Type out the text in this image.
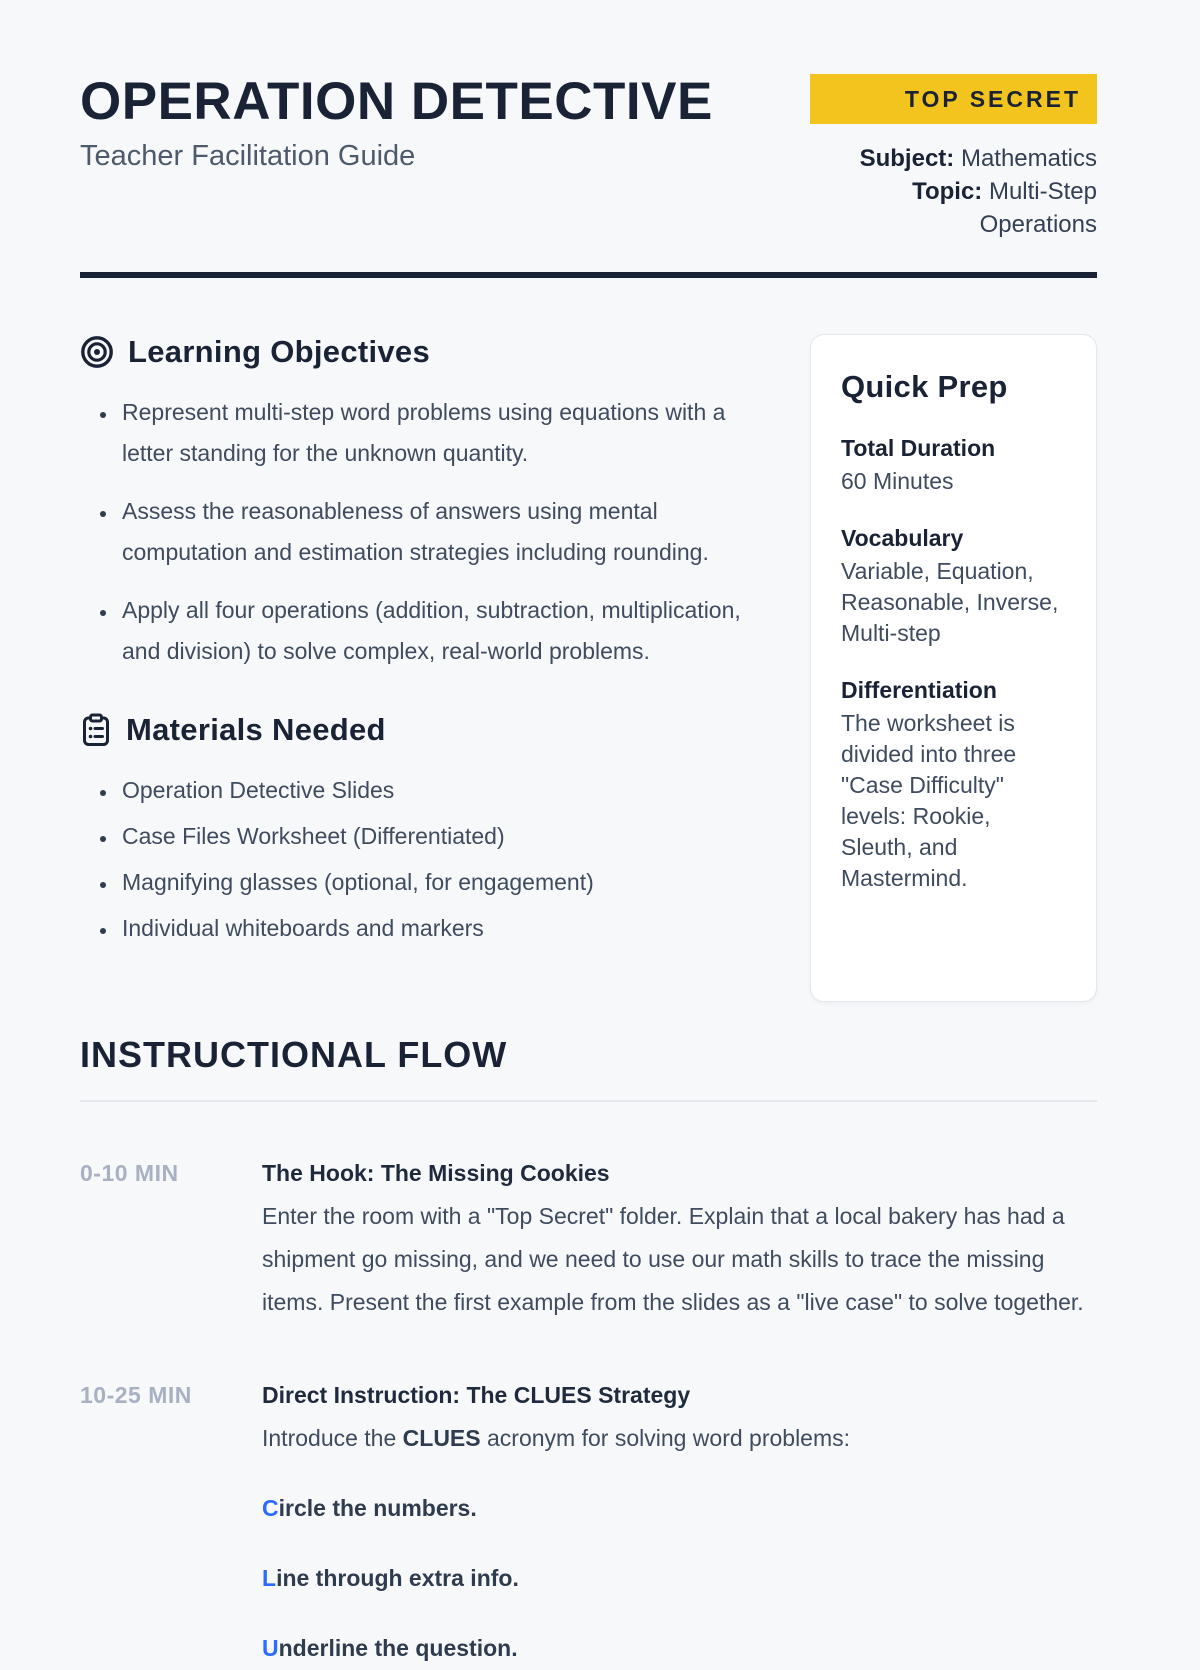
OPERATION DETECTIVE
Teacher Facilitation Guide
TOP SECRET
Subject: Mathematics
Topic: Multi-Step Operations
Learning Objectives
• Represent multi-step word problems using equations with a letter standing for the unknown quantity.
• Assess the reasonableness of answers using mental computation and estimation strategies including rounding.
• Apply all four operations (addition, subtraction, multiplication, and division) to solve complex, real-world problems.
Materials Needed
• Operation Detective Slides
• Case Files Worksheet (Differentiated)
• Magnifying glasses (optional, for engagement)
• Individual whiteboards and markers
Quick Prep
Total Duration
60 Minutes
Vocabulary
Variable, Equation, Reasonable, Inverse, Multi-step
Differentiation
The worksheet is divided into three "Case Difficulty" levels: Rookie, Sleuth, and Mastermind.
INSTRUCTIONAL FLOW
0-10 MIN	The Hook: The Missing Cookies
Enter the room with a "Top Secret" folder. Explain that a local bakery has had a shipment go missing, and we need to use our math skills to trace the missing items. Present the first example from the slides as a "live case" to solve together.
10-25 MIN	Direct Instruction: The CLUES Strategy
Introduce the CLUES acronym for solving word problems:
Circle the numbers.
Line through extra info.
Underline the question.
